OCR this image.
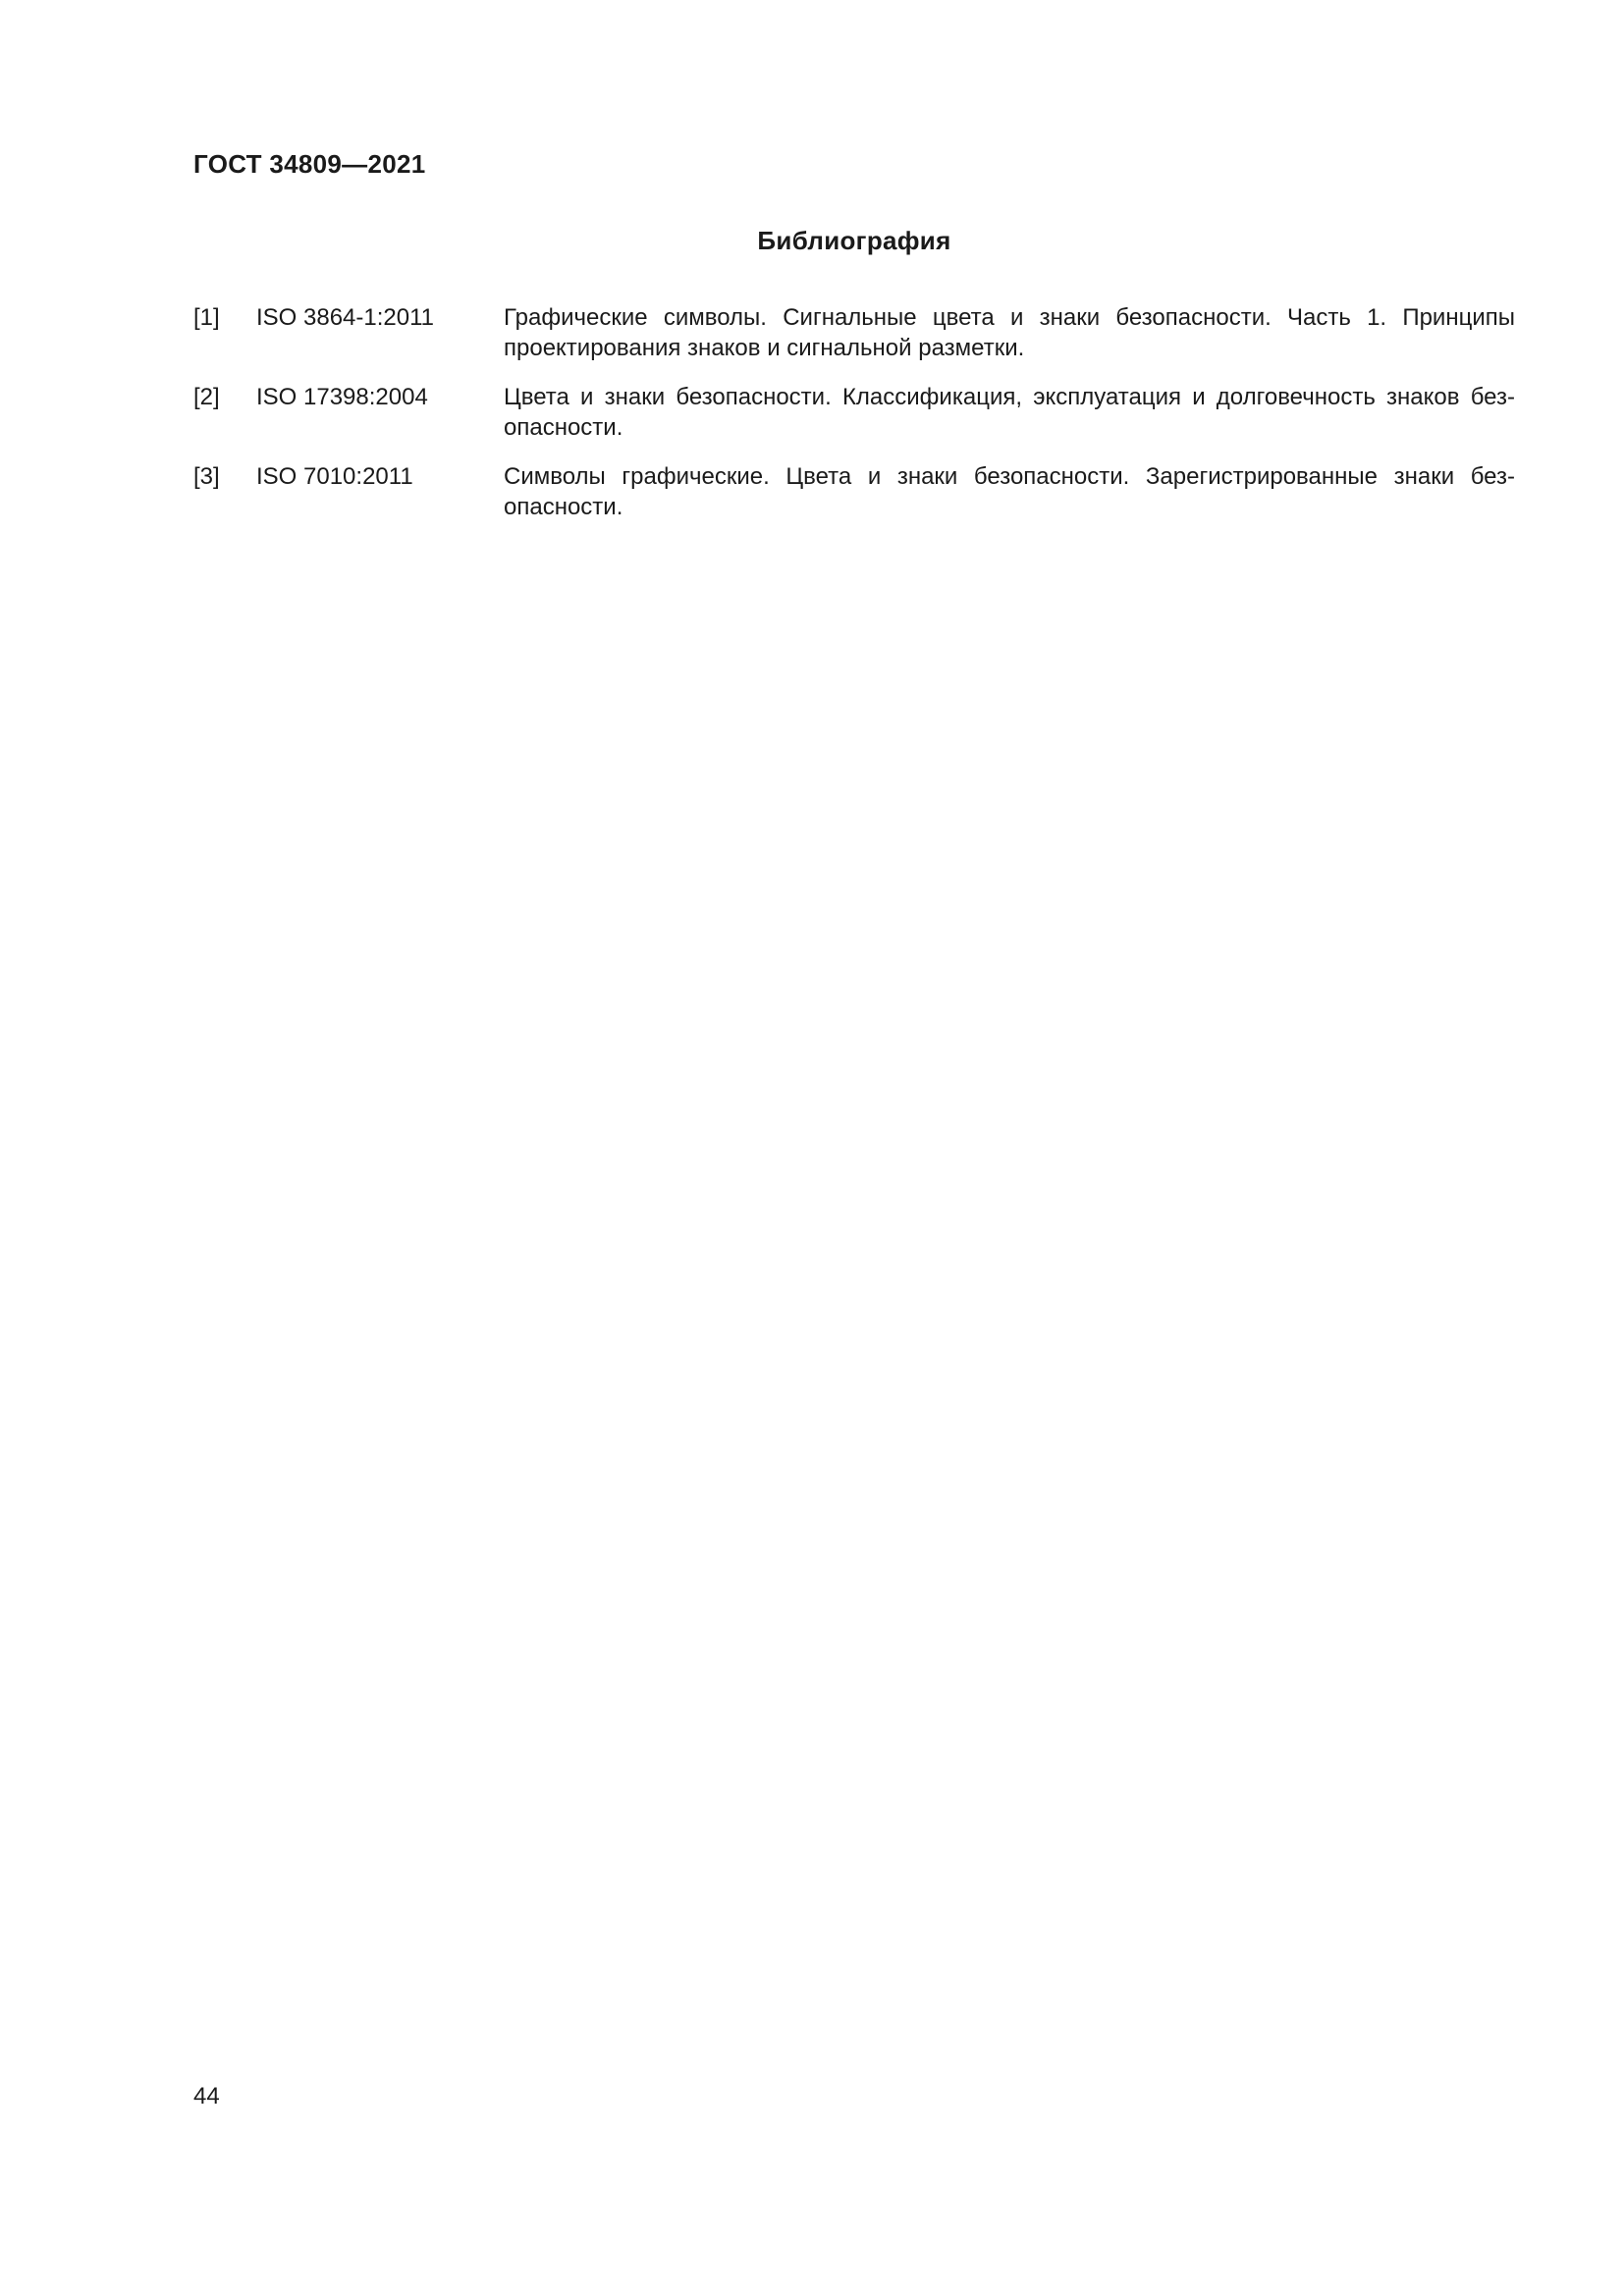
ГОСТ 34809—2021
Библиография
[1]	ISO 3864-1:2011	Графические символы. Сигнальные цвета и знаки безопасности. Часть 1. Принципы проектирования знаков и сигнальной разметки.
[2]	ISO 17398:2004	Цвета и знаки безопасности. Классификация, эксплуатация и долговечность знаков безопасности.
[3]	ISO 7010:2011	Символы графические. Цвета и знаки безопасности. Зарегистрированные знаки безопасности.
44
